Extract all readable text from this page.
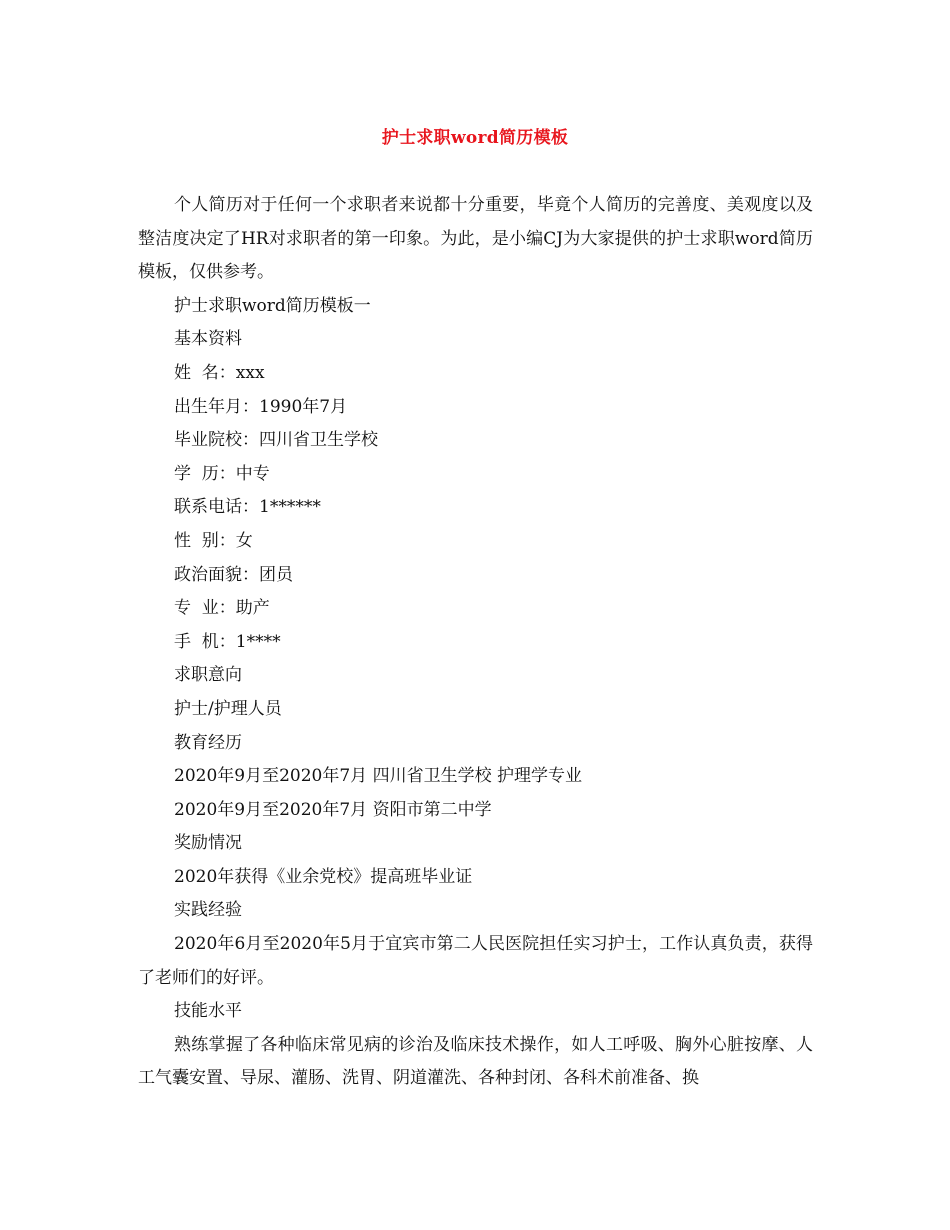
护士求职word简历模板

个人简历对于任何一个求职者来说都十分重要，毕竟个人简历的完善度、美观度以及整洁度决定了HR对求职者的第一印象。为此，是小编CJ为大家提供的护士求职word简历模板，仅供参考。

护士求职word简历模板一

基本资料

姓  名：xxx

出生年月：1990年7月

毕业院校：四川省卫生学校

学  历：中专

联系电话：1******

性  别：女

政治面貌：团员

专  业：助产

手  机：1****

求职意向

护士/护理人员

教育经历

2020年9月至2020年7月 四川省卫生学校 护理学专业

2020年9月至2020年7月 资阳市第二中学

奖励情况

2020年获得《业余党校》提高班毕业证

实践经验

2020年6月至2020年5月于宜宾市第二人民医院担任实习护士，工作认真负责，获得了老师们的好评。

技能水平

熟练掌握了各种临床常见病的诊治及临床技术操作，如人工呼吸、胸外心脏按摩、人工气囊安置、导尿、灌肠、洗胃、阴道灌洗、各种封闭、各科术前准备、换
